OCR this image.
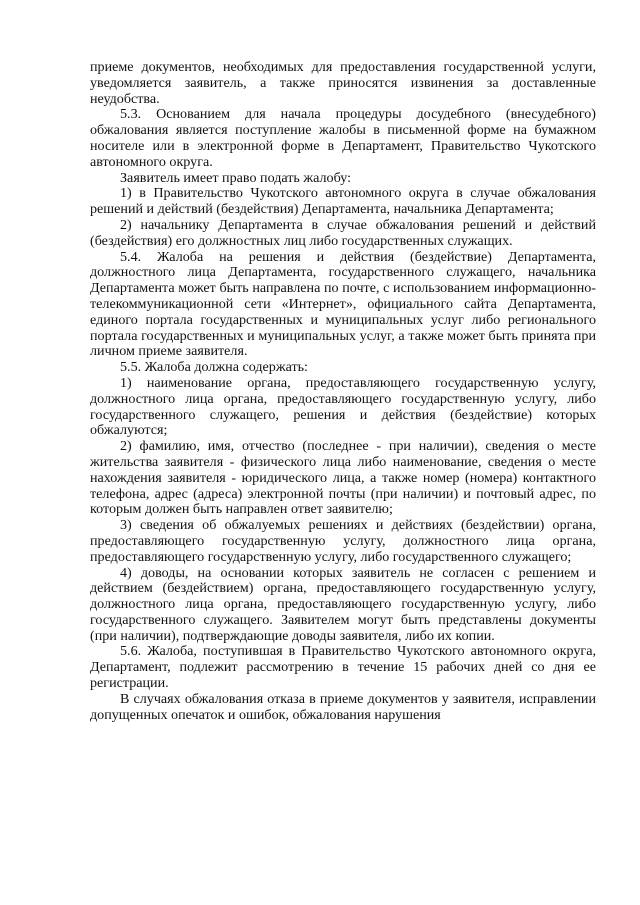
приеме документов, необходимых для предоставления государственной услуги, уведомляется заявитель, а также приносятся извинения за доставленные неудобства.

5.3. Основанием для начала процедуры досудебного (внесудебного) обжалования является поступление жалобы в письменной форме на бумажном носителе или в электронной форме в Департамент, Правительство Чукотского автономного округа.

Заявитель имеет право подать жалобу:

1) в Правительство Чукотского автономного округа в случае обжалования решений и действий (бездействия) Департамента, начальника Департамента;

2) начальнику Департамента в случае обжалования решений и действий (бездействия) его должностных лиц либо государственных служащих.

5.4. Жалоба на решения и действия (бездействие) Департамента, должностного лица Департамента, государственного служащего, начальника Департамента может быть направлена по почте, с использованием информационно-телекоммуникационной сети «Интернет», официального сайта Департамента, единого портала государственных и муниципальных услуг либо регионального портала государственных и муниципальных услуг, а также может быть принята при личном приеме заявителя.

5.5. Жалоба должна содержать:

1) наименование органа, предоставляющего государственную услугу, должностного лица органа, предоставляющего государственную услугу, либо государственного служащего, решения и действия (бездействие) которых обжалуются;

2) фамилию, имя, отчество (последнее - при наличии), сведения о месте жительства заявителя - физического лица либо наименование, сведения о месте нахождения заявителя - юридического лица, а также номер (номера) контактного телефона, адрес (адреса) электронной почты (при наличии) и почтовый адрес, по которым должен быть направлен ответ заявителю;

3) сведения об обжалуемых решениях и действиях (бездействии) органа, предоставляющего государственную услугу, должностного лица органа, предоставляющего государственную услугу, либо государственного служащего;

4) доводы, на основании которых заявитель не согласен с решением и действием (бездействием) органа, предоставляющего государственную услугу, должностного лица органа, предоставляющего государственную услугу, либо государственного служащего. Заявителем могут быть представлены документы (при наличии), подтверждающие доводы заявителя, либо их копии.

5.6. Жалоба, поступившая в Правительство Чукотского автономного округа, Департамент, подлежит рассмотрению в течение 15 рабочих дней со дня ее регистрации.

В случаях обжалования отказа в приеме документов у заявителя, исправлении допущенных опечаток и ошибок, обжалования нарушения
